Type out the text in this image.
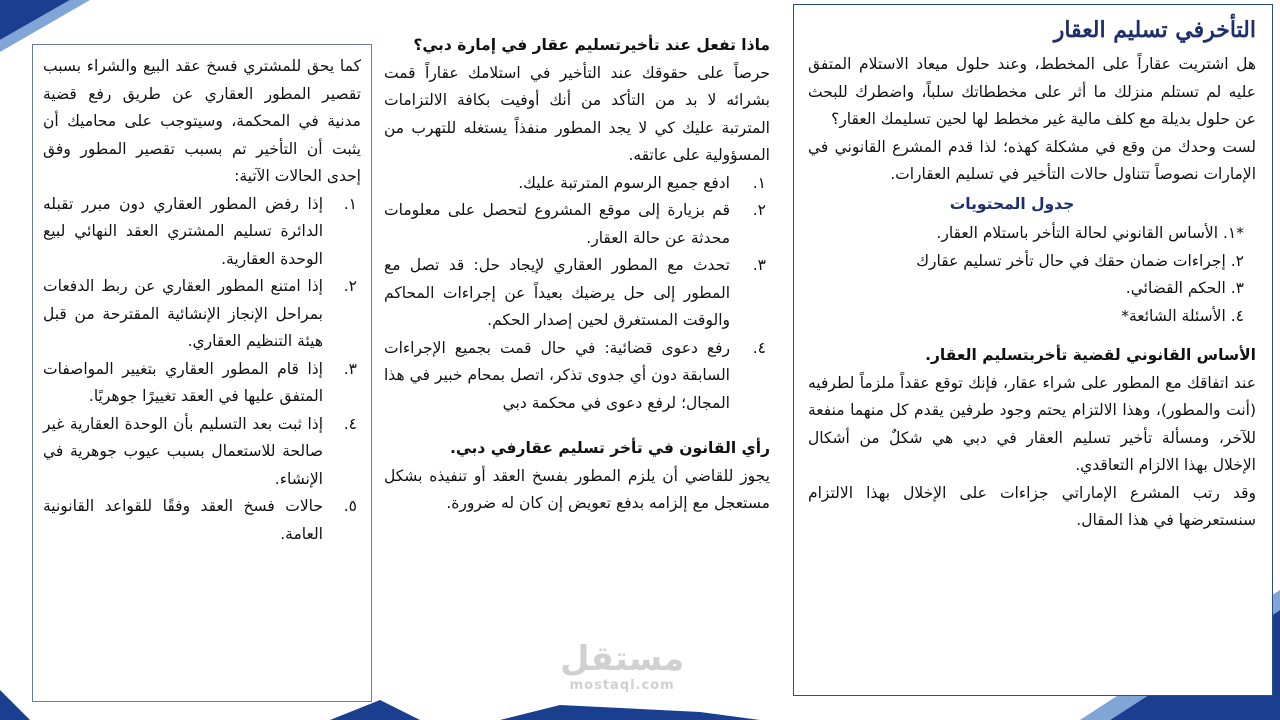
التأخرفي تسليم العقار

هل اشتريت عقاراً على المخطط، وعند حلول ميعاد الاستلام المتفق عليه لم تستلم منزلك ما أثر على مخططاتك سلباً، واضطرك للبحث عن حلول بديلة مع كلف مالية غير مخطط لها لحين تسليمك العقار؟

لست وحدك من وقع في مشكلة كهذه؛ لذا قدم المشرع القانوني في الإمارات نصوصاً تتناول حالات التأخير في تسليم العقارات.

جدول المحتويات

*١. الأساس القانوني لحالة التأخر باستلام العقار.

٢. إجراءات ضمان حقك في حال تأخر تسليم عقارك

٣. الحكم القضائي.

٤. الأسئلة الشائعة*

الأساس القانوني لقضية تأخربتسليم العقار.

عند اتفاقك مع المطور على شراء عقار، فإنك توقع عقداً ملزماً لطرفيه (أنت والمطور)، وهذا الالتزام يحتم وجود طرفين يقدم كل منهما منفعة للآخر، ومسألة تأخير تسليم العقار في دبي هي شكلٌ من أشكال الإخلال بهذا الالزام التعاقدي.

وقد رتب المشرع الإماراتي جزاءات على الإخلال بهذا الالتزام سنستعرضها في هذا المقال.

ماذا تفعل عند تأخيرتسليم عقار في إمارة دبي؟

حرصاً على حقوقك عند التأخير في استلامك عقاراً قمت بشرائه لا بد من التأكد من أنك أوفيت بكافة الالتزامات المترتبة عليك كي لا يجد المطور منفذاً يستغله للتهرب من المسؤولية على عاتقه.

١.
ادفع جميع الرسوم المترتبة عليك.
٢.
قم بزيارة إلى موقع المشروع لتحصل على معلومات محدثة عن حالة العقار.
٣.
تحدث مع المطور العقاري لإيجاد حل: قد تصل مع المطور إلى حل يرضيك بعيداً عن إجراءات المحاكم والوقت المستغرق لحين إصدار الحكم.
٤.
رفع دعوى قضائية: في حال قمت بجميع الإجراءات السابقة دون أي جدوى تذكر، اتصل بمحام خبير في هذا المجال؛ لرفع دعوى في محكمة دبي

رأي القانون في تأخر تسليم عقارفي دبي.

يجوز للقاضي أن يلزم المطور بفسخ العقد أو تنفيذه بشكل مستعجل مع إلزامه بدفع تعويض إن كان له ضرورة.

كما يحق للمشتري فسخ عقد البيع والشراء بسبب تقصير المطور العقاري عن طريق رفع قضية مدنية في المحكمة، وسيتوجب على محاميك أن يثبت أن التأخير تم بسبب تقصير المطور وفق إحدى الحالات الآتية:

١.
إذا رفض المطور العقاري دون مبرر تقبله الدائرة تسليم المشتري العقد النهائي لبيع الوحدة العقارية.
٢.
إذا امتنع المطور العقاري عن ربط الدفعات بمراحل الإنجاز الإنشائية المقترحة من قبل هيئة التنظيم العقاري.
٣.
إذا قام المطور العقاري بتغيير المواصفات المتفق عليها في العقد تغييرًا جوهريًا.
٤.
إذا ثبت بعد التسليم بأن الوحدة العقارية غير صالحة للاستعمال بسبب عيوب جوهرية في الإنشاء.
٥.
حالات فسخ العقد وفقًا للقواعد القانونية العامة.
مستقل
mostaql.com
